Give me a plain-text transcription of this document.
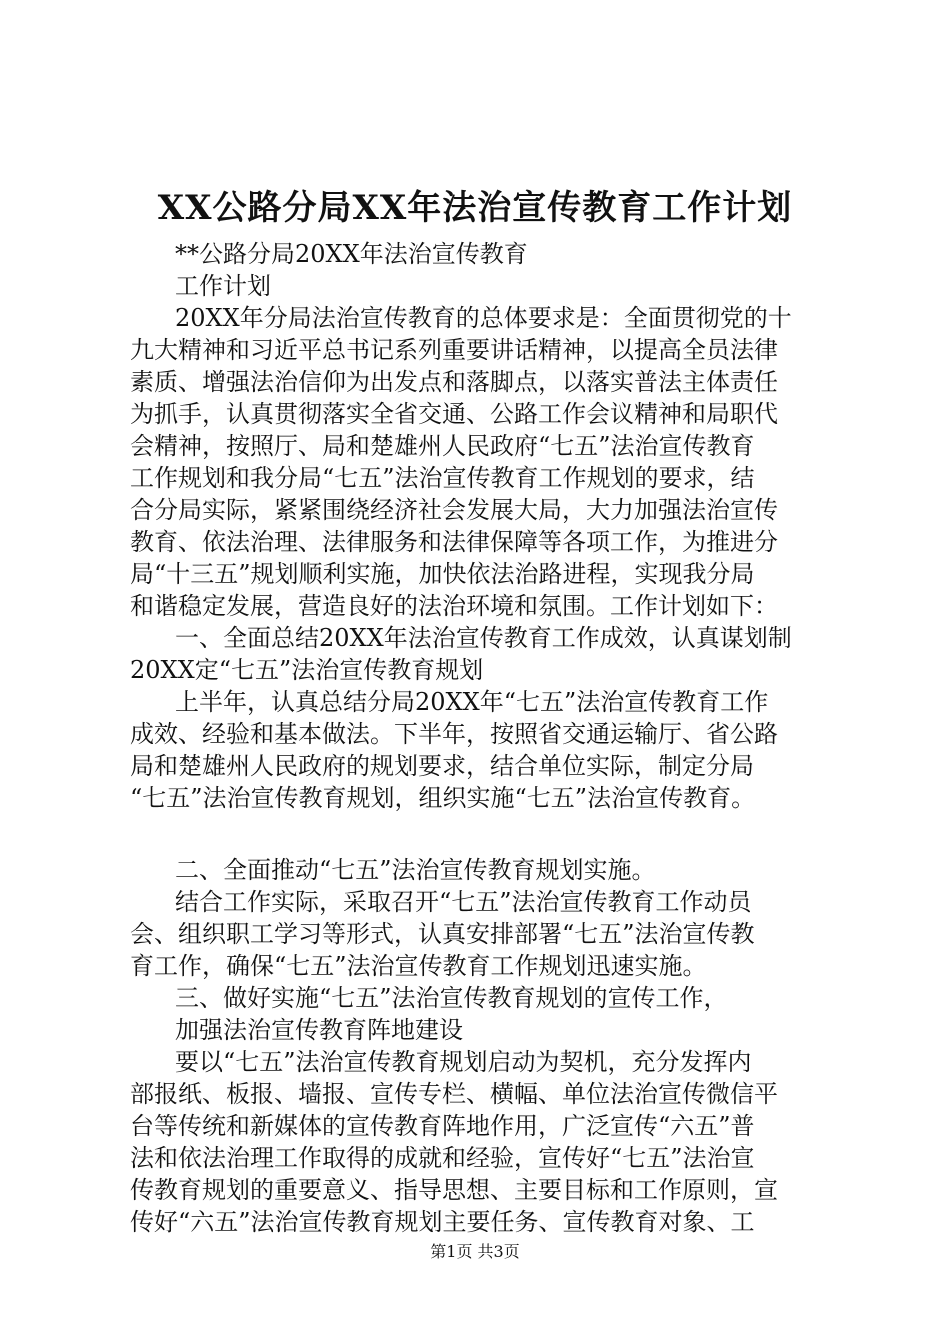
XX公路分局XX年法治宣传教育工作计划
**公路分局20XX年法治宣传教育
工作计划
20XX年分局法治宣传教育的总体要求是：全面贯彻党的十
九大精神和习近平总书记系列重要讲话精神，以提高全员法律
素质、增强法治信仰为出发点和落脚点，以落实普法主体责任
为抓手，认真贯彻落实全省交通、公路工作会议精神和局职代
会精神，按照厅、局和楚雄州人民政府“七五”法治宣传教育
工作规划和我分局“七五”法治宣传教育工作规划的要求，结
合分局实际，紧紧围绕经济社会发展大局，大力加强法治宣传
教育、依法治理、法律服务和法律保障等各项工作，为推进分
局“十三五”规划顺利实施，加快依法治路进程，实现我分局
和谐稳定发展，营造良好的法治环境和氛围。工作计划如下：
一、全面总结20XX年法治宣传教育工作成效，认真谋划制
20XX定“七五”法治宣传教育规划
上半年，认真总结分局20XX年“七五”法治宣传教育工作
成效、经验和基本做法。下半年，按照省交通运输厅、省公路
局和楚雄州人民政府的规划要求，结合单位实际，制定分局
“七五”法治宣传教育规划，组织实施“七五”法治宣传教育。
二、全面推动“七五”法治宣传教育规划实施。
结合工作实际，采取召开“七五”法治宣传教育工作动员
会、组织职工学习等形式，认真安排部署“七五”法治宣传教
育工作，确保“七五”法治宣传教育工作规划迅速实施。
三、做好实施“七五”法治宣传教育规划的宣传工作，
加强法治宣传教育阵地建设
要以“七五”法治宣传教育规划启动为契机，充分发挥内
部报纸、板报、墙报、宣传专栏、横幅、单位法治宣传微信平
台等传统和新媒体的宣传教育阵地作用，广泛宣传“六五”普
法和依法治理工作取得的成就和经验，宣传好“七五”法治宣
传教育规划的重要意义、指导思想、主要目标和工作原则，宣
传好“六五”法治宣传教育规划主要任务、宣传教育对象、工
第1页 共3页
